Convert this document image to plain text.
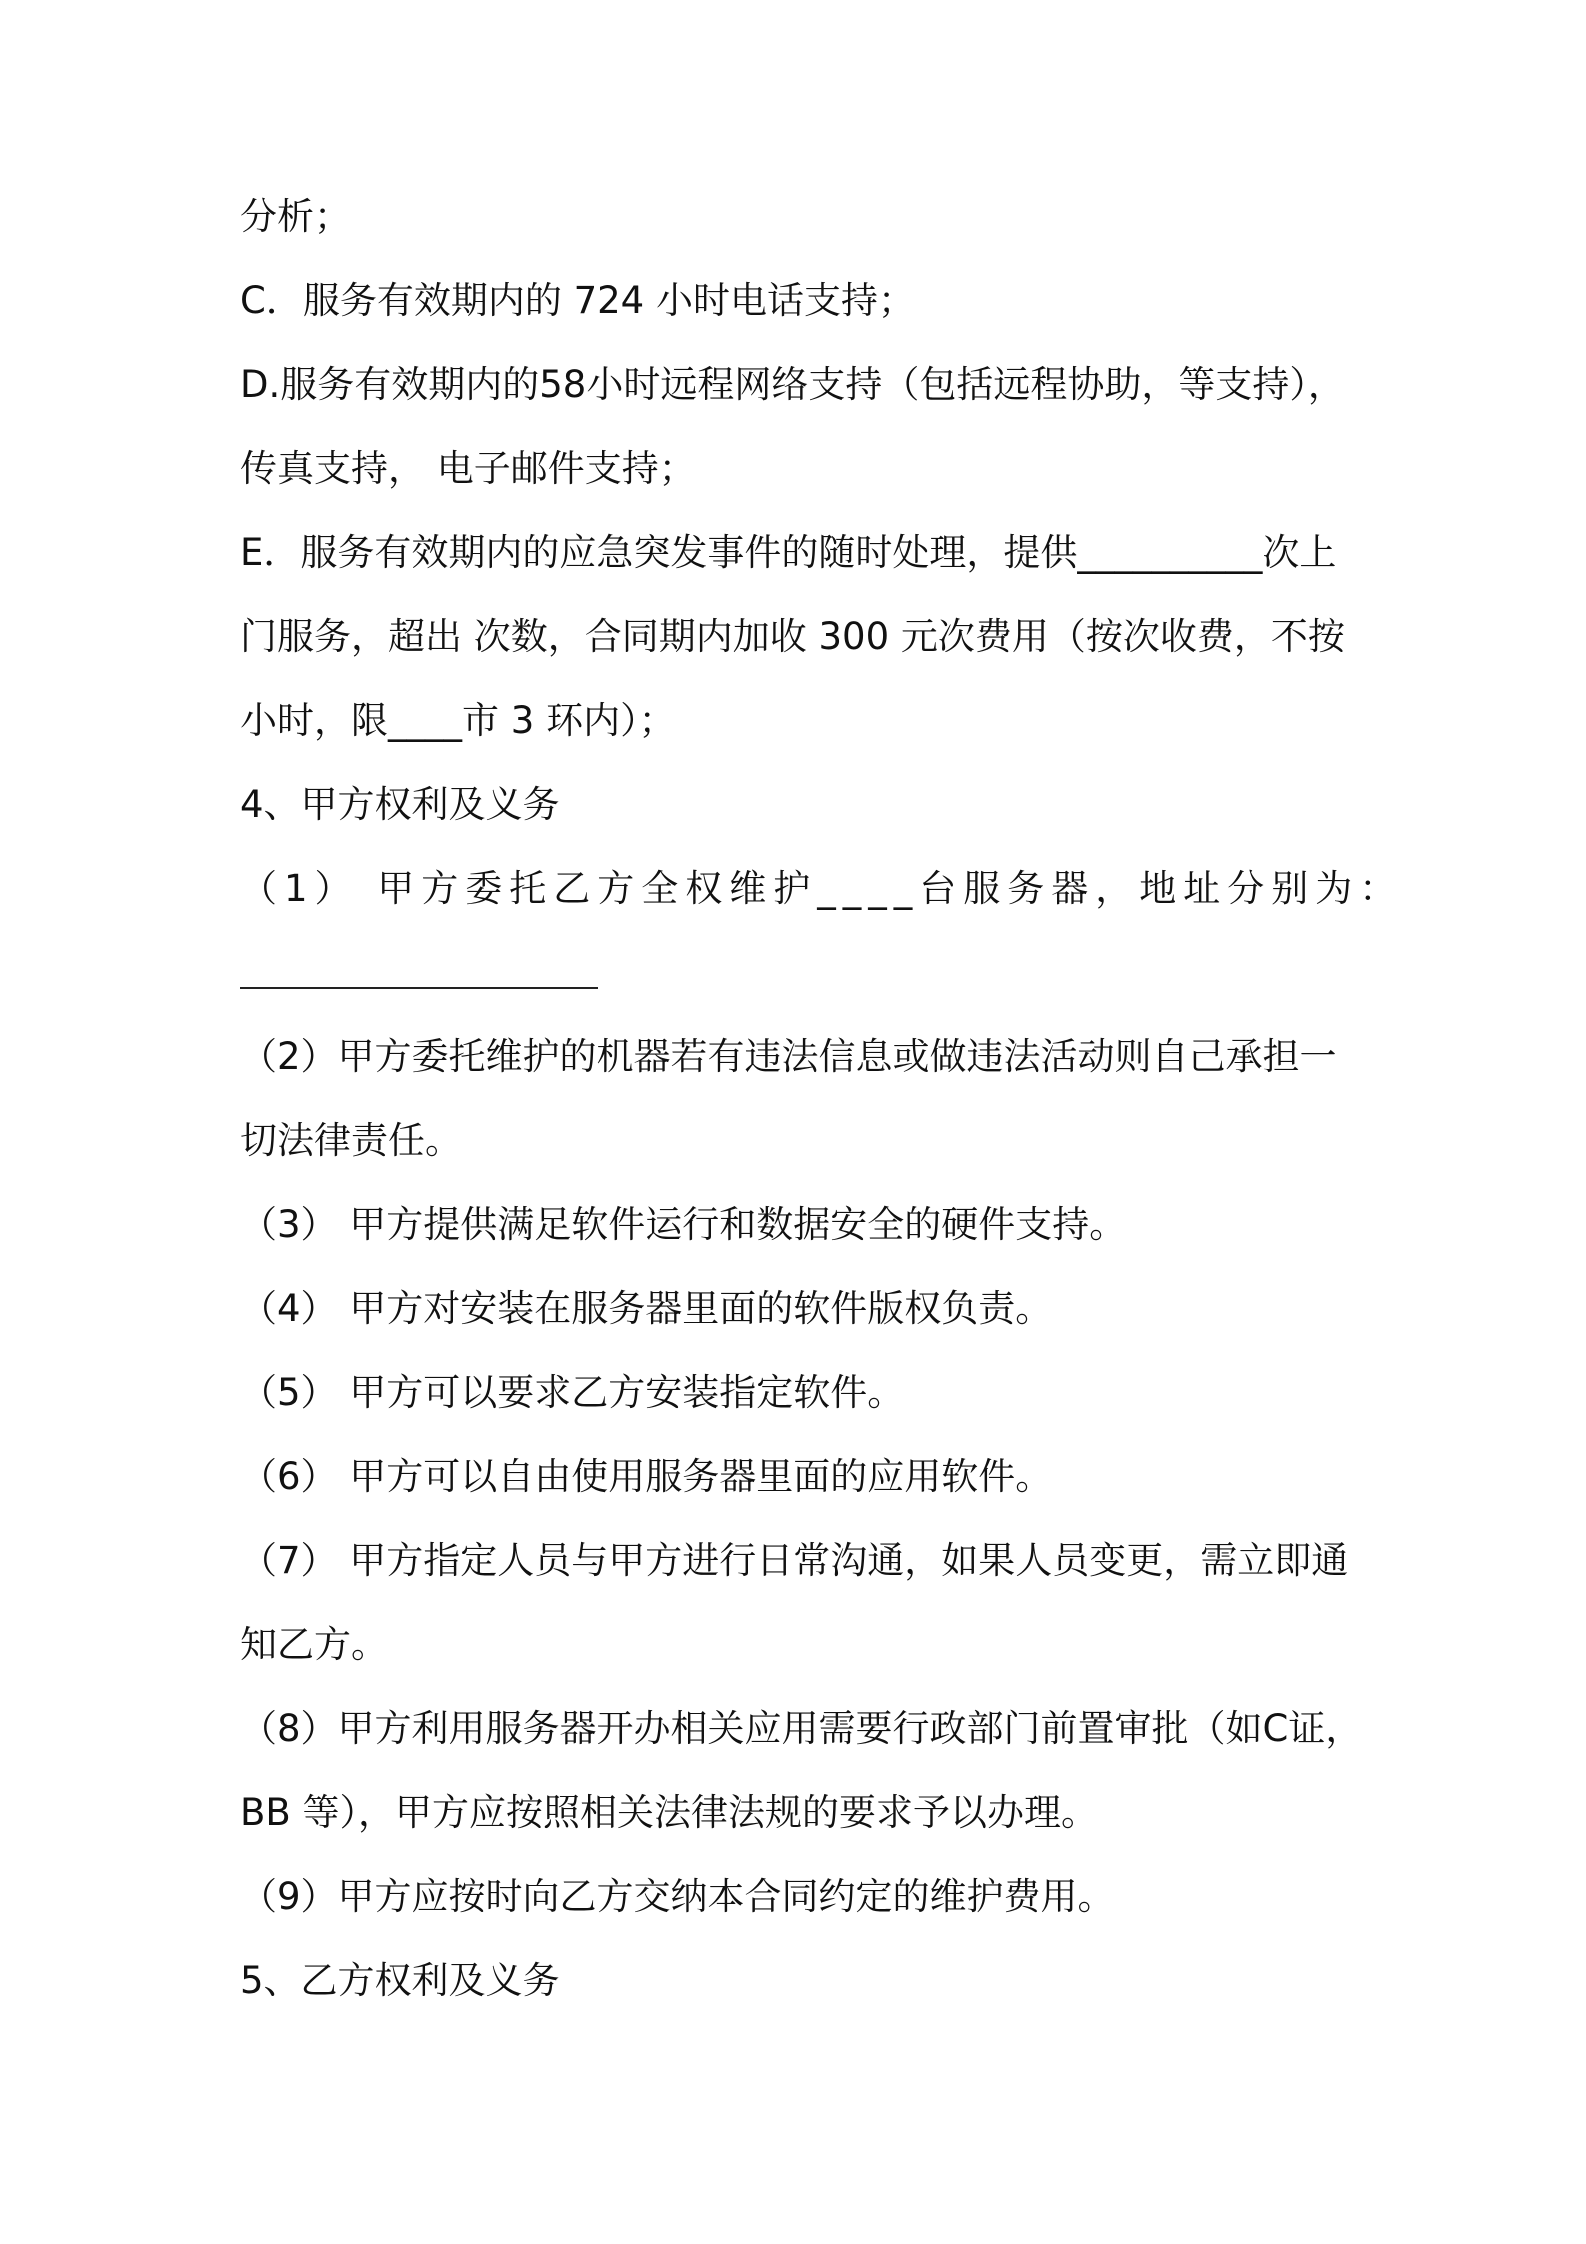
分析；
C．服务有效期内的 724 小时电话支持；
D.服务有效期内的58小时远程网络支持（包括远程协助，等支持），
传真支持， 电子邮件支持；
E．服务有效期内的应急突发事件的随时处理，提供__________次上
门服务，超出 次数，合同期内加收 300 元次费用（按次收费，不按
小时，限____市 3 环内）；
4、甲方权利及义务
（1） 甲方委托乙方全权维护____台服务器，地址分别为：
（2）甲方委托维护的机器若有违法信息或做违法活动则自己承担一
切法律责任。
（3） 甲方提供满足软件运行和数据安全的硬件支持。
（4） 甲方对安装在服务器里面的软件版权负责。
（5） 甲方可以要求乙方安装指定软件。
（6） 甲方可以自由使用服务器里面的应用软件。
（7） 甲方指定人员与甲方进行日常沟通，如果人员变更，需立即通
知乙方。
（8）甲方利用服务器开办相关应用需要行政部门前置审批（如C证，
BB 等），甲方应按照相关法律法规的要求予以办理。
（9）甲方应按时向乙方交纳本合同约定的维护费用。
5、乙方权利及义务
